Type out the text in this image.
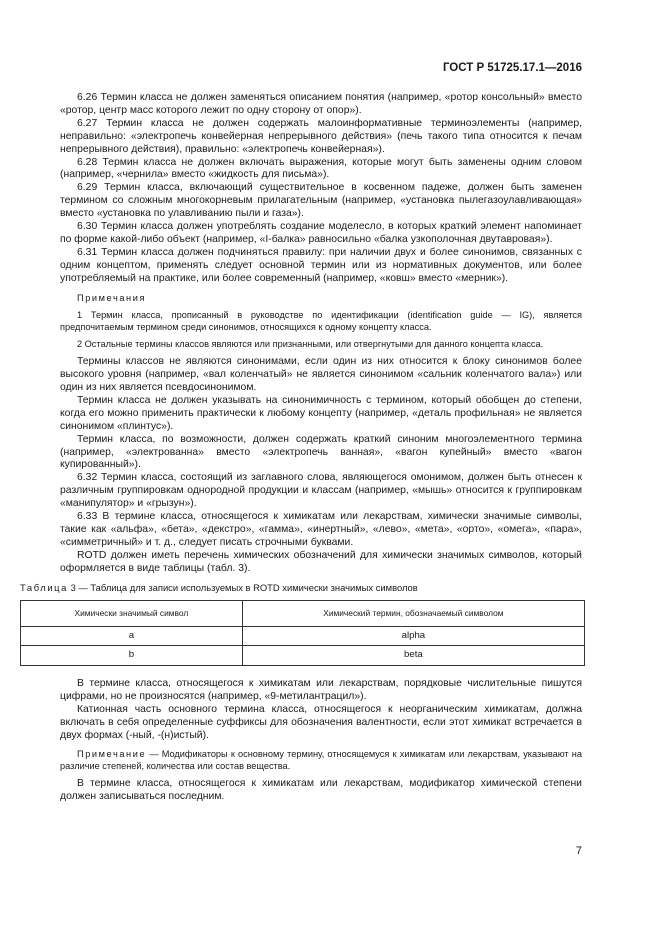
ГОСТ Р 51725.17.1—2016

6.26 Термин класса не должен заменяться описанием понятия (например, «ротор консольный» вместо «ротор, центр масс которого лежит по одну сторону от опор»).

6.27 Термин класса не должен содержать малоинформативные терминоэлементы (например, неправильно: «электропечь конвейерная непрерывного действия» (печь такого типа относится к печам непрерывного действия), правильно: «электропечь конвейерная»).

6.28 Термин класса не должен включать выражения, которые могут быть заменены одним словом (например, «чернила» вместо «жидкость для письма»).

6.29 Термин класса, включающий существительное в косвенном падеже, должен быть заменен термином со сложным многокорневым прилагательным (например, «установка пылегазоулавливающая» вместо «установка по улавливанию пыли и газа»).

6.30 Термин класса должен употреблять создание моделесло, в которых краткий элемент напоминает по форме какой-либо объект (например, «I-балка» равносильно «балка узкополочная двутавровая»).

6.31 Термин класса должен подчиняться правилу: при наличии двух и более синонимов, связанных с одним концептом, применять следует основной термин или из нормативных документов, или более употребляемый на практике, или более современный (например, «ковш» вместо «мерник»).

Примечания

1 Термин класса, прописанный в руководстве по идентификации (identification guide — IG), является предпочитаемым термином среди синонимов, относящихся к одному концепту класса.

2 Остальные термины классов являются или признанными, или отвергнутыми для данного концепта класса.

Термины классов не являются синонимами, если один из них относится к блоку синонимов более высокого уровня (например, «вал коленчатый» не является синонимом «сальник коленчатого вала») или один из них является псевдосинонимом.

Термин класса не должен указывать на синонимичность с термином, который обобщен до степени, когда его можно применить практически к любому концепту (например, «деталь профильная» не является синонимом «плинтус»).

Термин класса, по возможности, должен содержать краткий синоним многоэлементного термина (например, «электрованна» вместо «электропечь ванная», «вагон купейный» вместо «вагон купированный»).

6.32 Термин класса, состоящий из заглавного слова, являющегося омонимом, должен быть отнесен к различным группировкам однородной продукции и классам (например, «мышь» относится к группировкам «манипулятор» и «грызун»).

6.33 В термине класса, относящегося к химикатам или лекарствам, химически значимые символы, такие как «альфа», «бета», «декстро», «гамма», «инертный», «лево», «мета», «орто», «омега», «пара», «симметричный» и т. д., следует писать строчными буквами.

ROTD должен иметь перечень химических обозначений для химически значимых символов, который оформляется в виде таблицы (табл. 3).

Таблица 3 — Таблица для записи используемых в ROTD химически значимых символов

Химически значимый символ	Химический термин, обозначаемый символом
a	alpha
b	beta

В термине класса, относящегося к химикатам или лекарствам, порядковые числительные пишутся цифрами, но не произносятся (например, «9-метилантрацил»).

Катионная часть основного термина класса, относящегося к неорганическим химикатам, должна включать в себя определенные суффиксы для обозначения валентности, если этот химикат встречается в двух формах (-ный, -(н)истый).

Примечание — Модификаторы к основному термину, относящемуся к химикатам или лекарствам, указывают на различие степеней, количества или состав вещества.

В термине класса, относящегося к химикатам или лекарствам, модификатор химической степени должен записываться последним.

7
